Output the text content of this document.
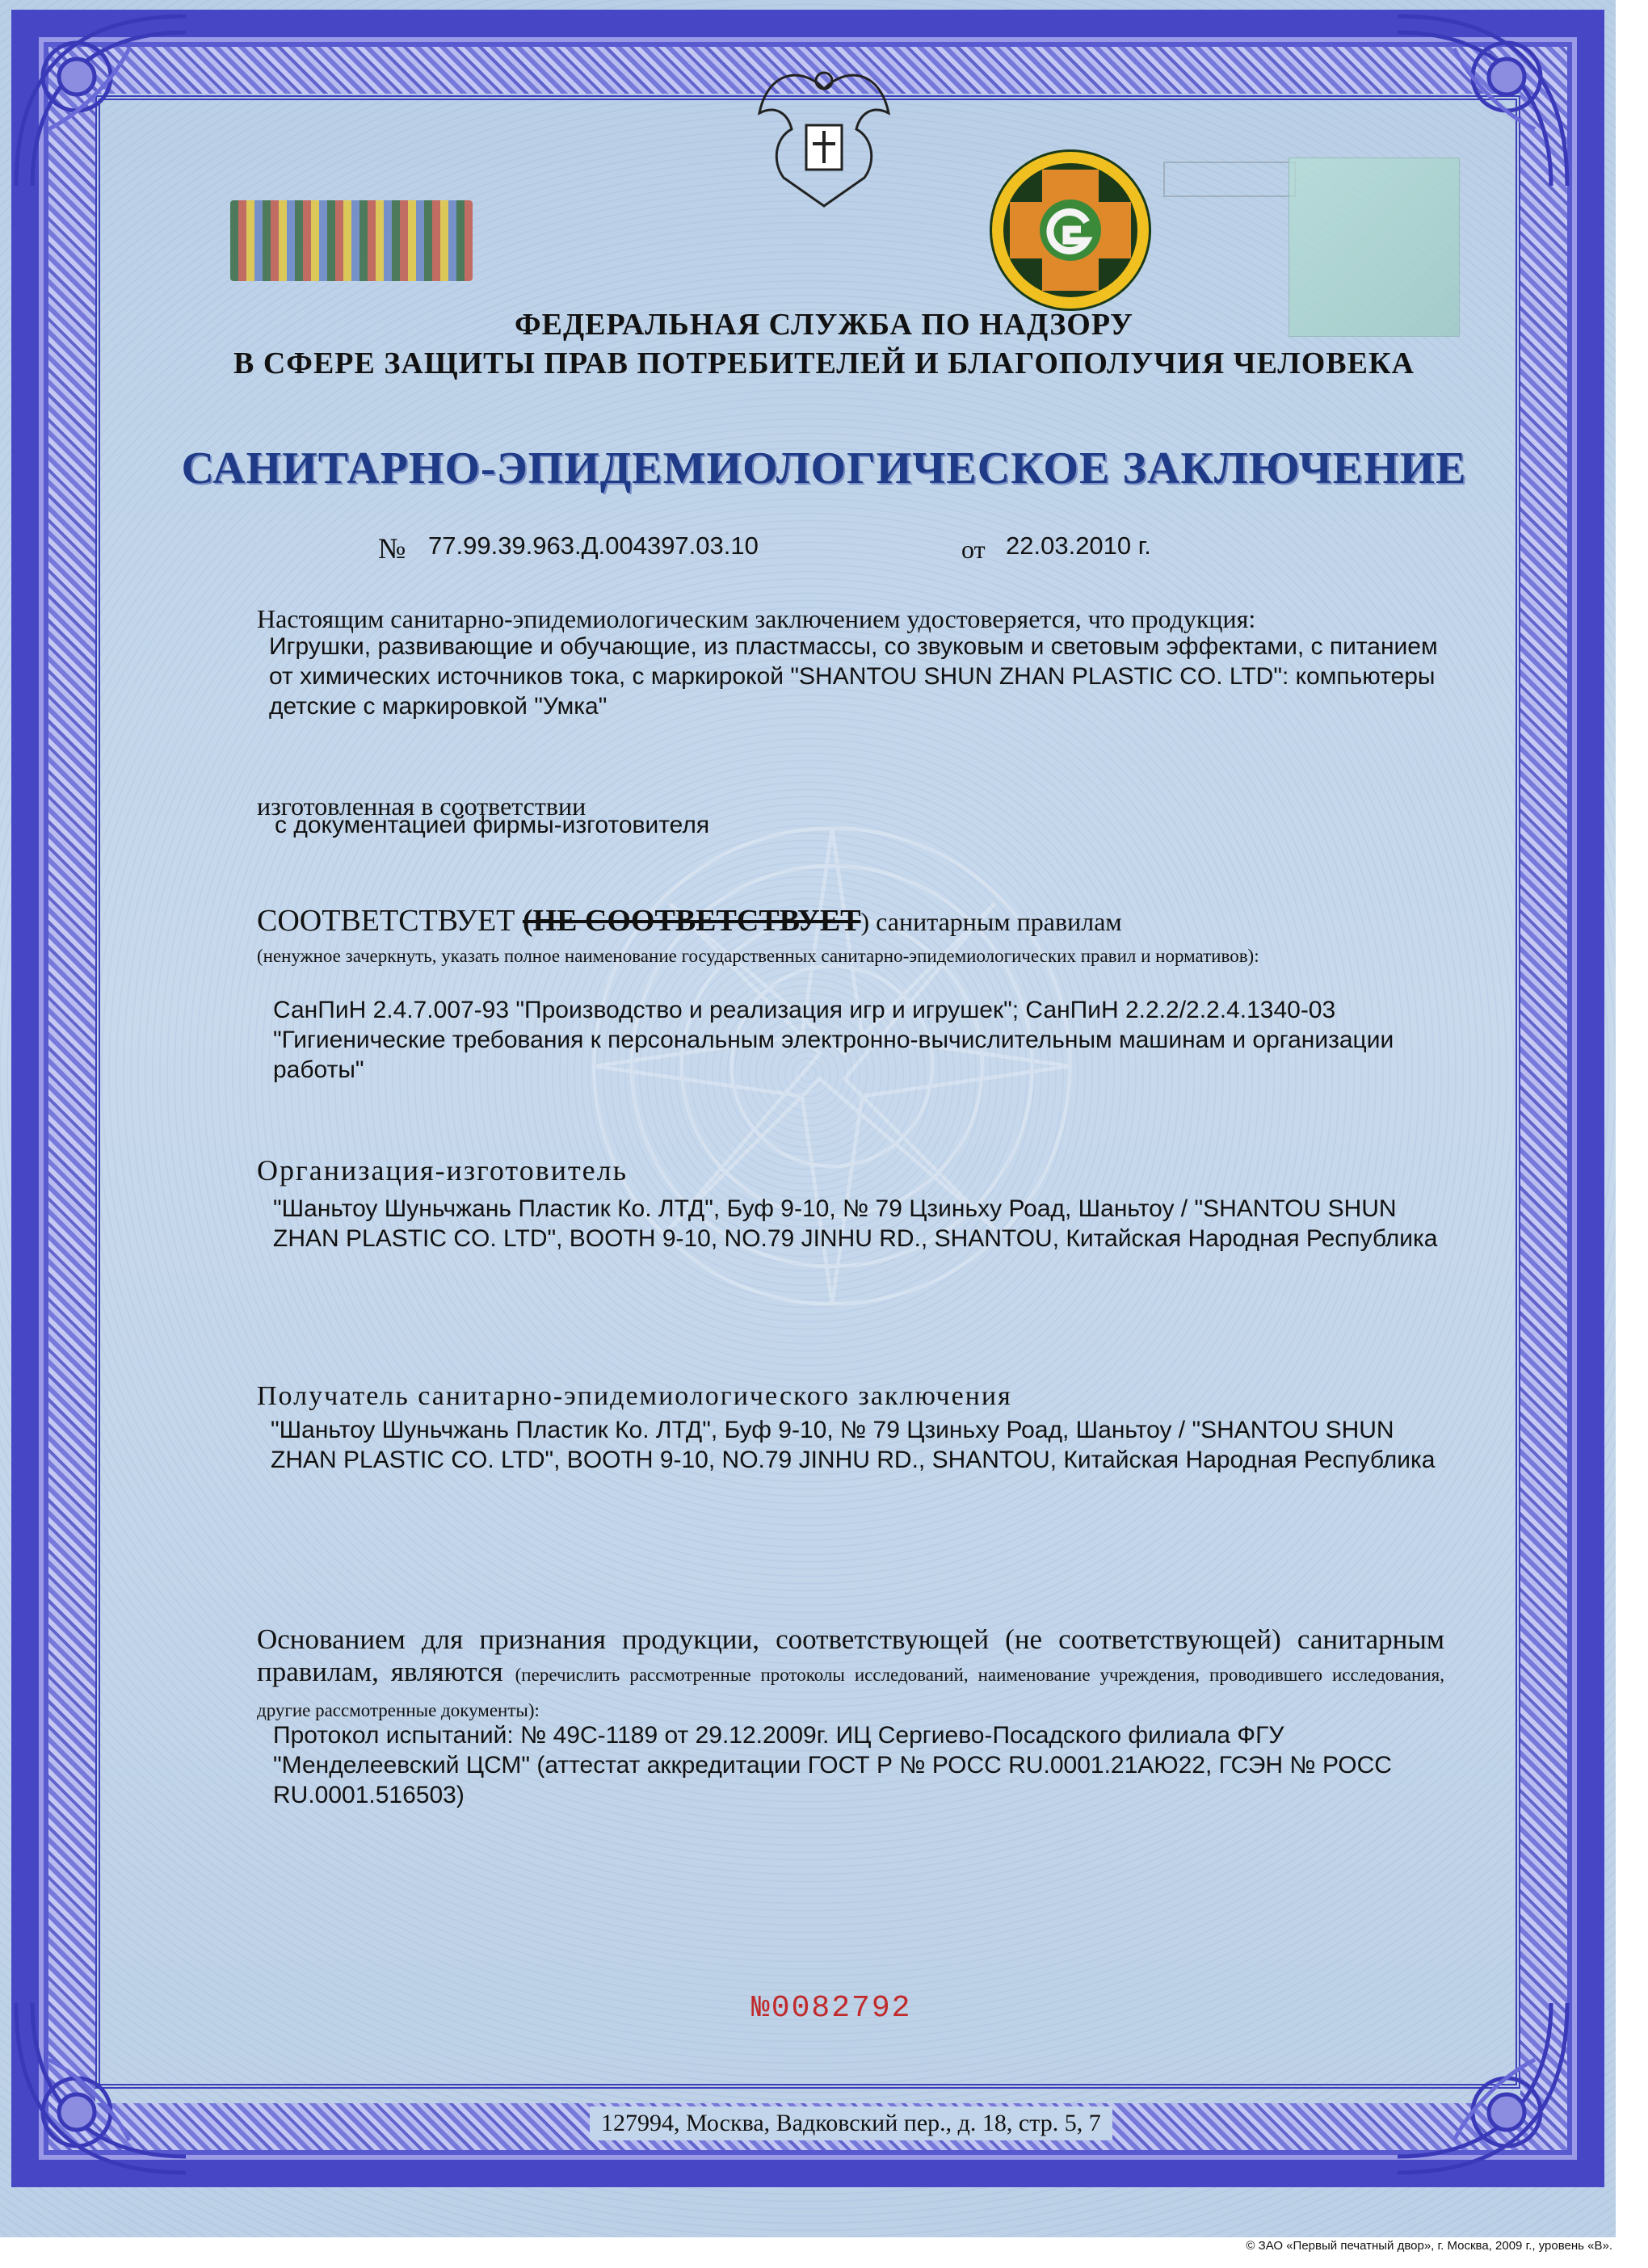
ФЕДЕРАЛЬНАЯ СЛУЖБА ПО НАДЗОРУ
В СФЕРЕ ЗАЩИТЫ ПРАВ ПОТРЕБИТЕЛЕЙ И БЛАГОПОЛУЧИЯ ЧЕЛОВЕКА
САНИТАРНО-ЭПИДЕМИОЛОГИЧЕСКОЕ ЗАКЛЮЧЕНИЕ
№ 77.99.39.963.Д.004397.03.10	от 22.03.2010 г.
Настоящим санитарно-эпидемиологическим заключением удостоверяется, что продукция:
Игрушки, развивающие и обучающие, из пластмассы, со звуковым и световым эффектами, с питанием от химических источников тока, с маркирокой "SHANTOU SHUN ZHAN PLASTIC CO. LTD": компьютеры детские с маркировкой "Умка"
изготовленная в соответствии
с документацией фирмы-изготовителя
СООТВЕТСТВУЕТ (НЕ СООТВЕТСТВУЕТ) санитарным правилам
(ненужное зачеркнуть, указать полное наименование государственных санитарно-эпидемиологических правил и нормативов):
СанПиН 2.4.7.007-93 "Производство и реализация игр и игрушек"; СанПиН 2.2.2/2.2.4.1340-03 "Гигиенические требования к персональным электронно-вычислительным машинам и организации работы"
Организация-изготовитель
"Шаньтоу Шуньчжань Пластик Ко. ЛТД", Буф 9-10, № 79 Цзиньху Роад, Шаньтоу / "SHANTOU SHUN ZHAN PLASTIC CO. LTD", BOOTH 9-10, NO.79 JINHU RD., SHANTOU, Китайская Народная Республика
Получатель санитарно-эпидемиологического заключения
"Шаньтоу Шуньчжань Пластик Ко. ЛТД", Буф 9-10, № 79 Цзиньху Роад, Шаньтоу / "SHANTOU SHUN ZHAN PLASTIC CO. LTD", BOOTH 9-10, NO.79 JINHU RD., SHANTOU, Китайская Народная Республика
Основанием для признания продукции, соответствующей (не соответствующей) санитарным правилам, являются (перечислить рассмотренные протоколы исследований, наименование учреждения, проводившего исследования, другие рассмотренные документы):
Протокол испытаний: № 49С-1189 от 29.12.2009г. ИЦ Сергиево-Посадского филиала ФГУ "Менделеевский ЦСМ" (аттестат аккредитации ГОСТ Р № РОСС RU.0001.21АЮ22, ГСЭН № РОСС RU.0001.516503)
№0082792
127994, Москва, Вадковский пер., д. 18, стр. 5, 7
© ЗАО «Первый печатный двор», г. Москва, 2009 г., уровень «В».
